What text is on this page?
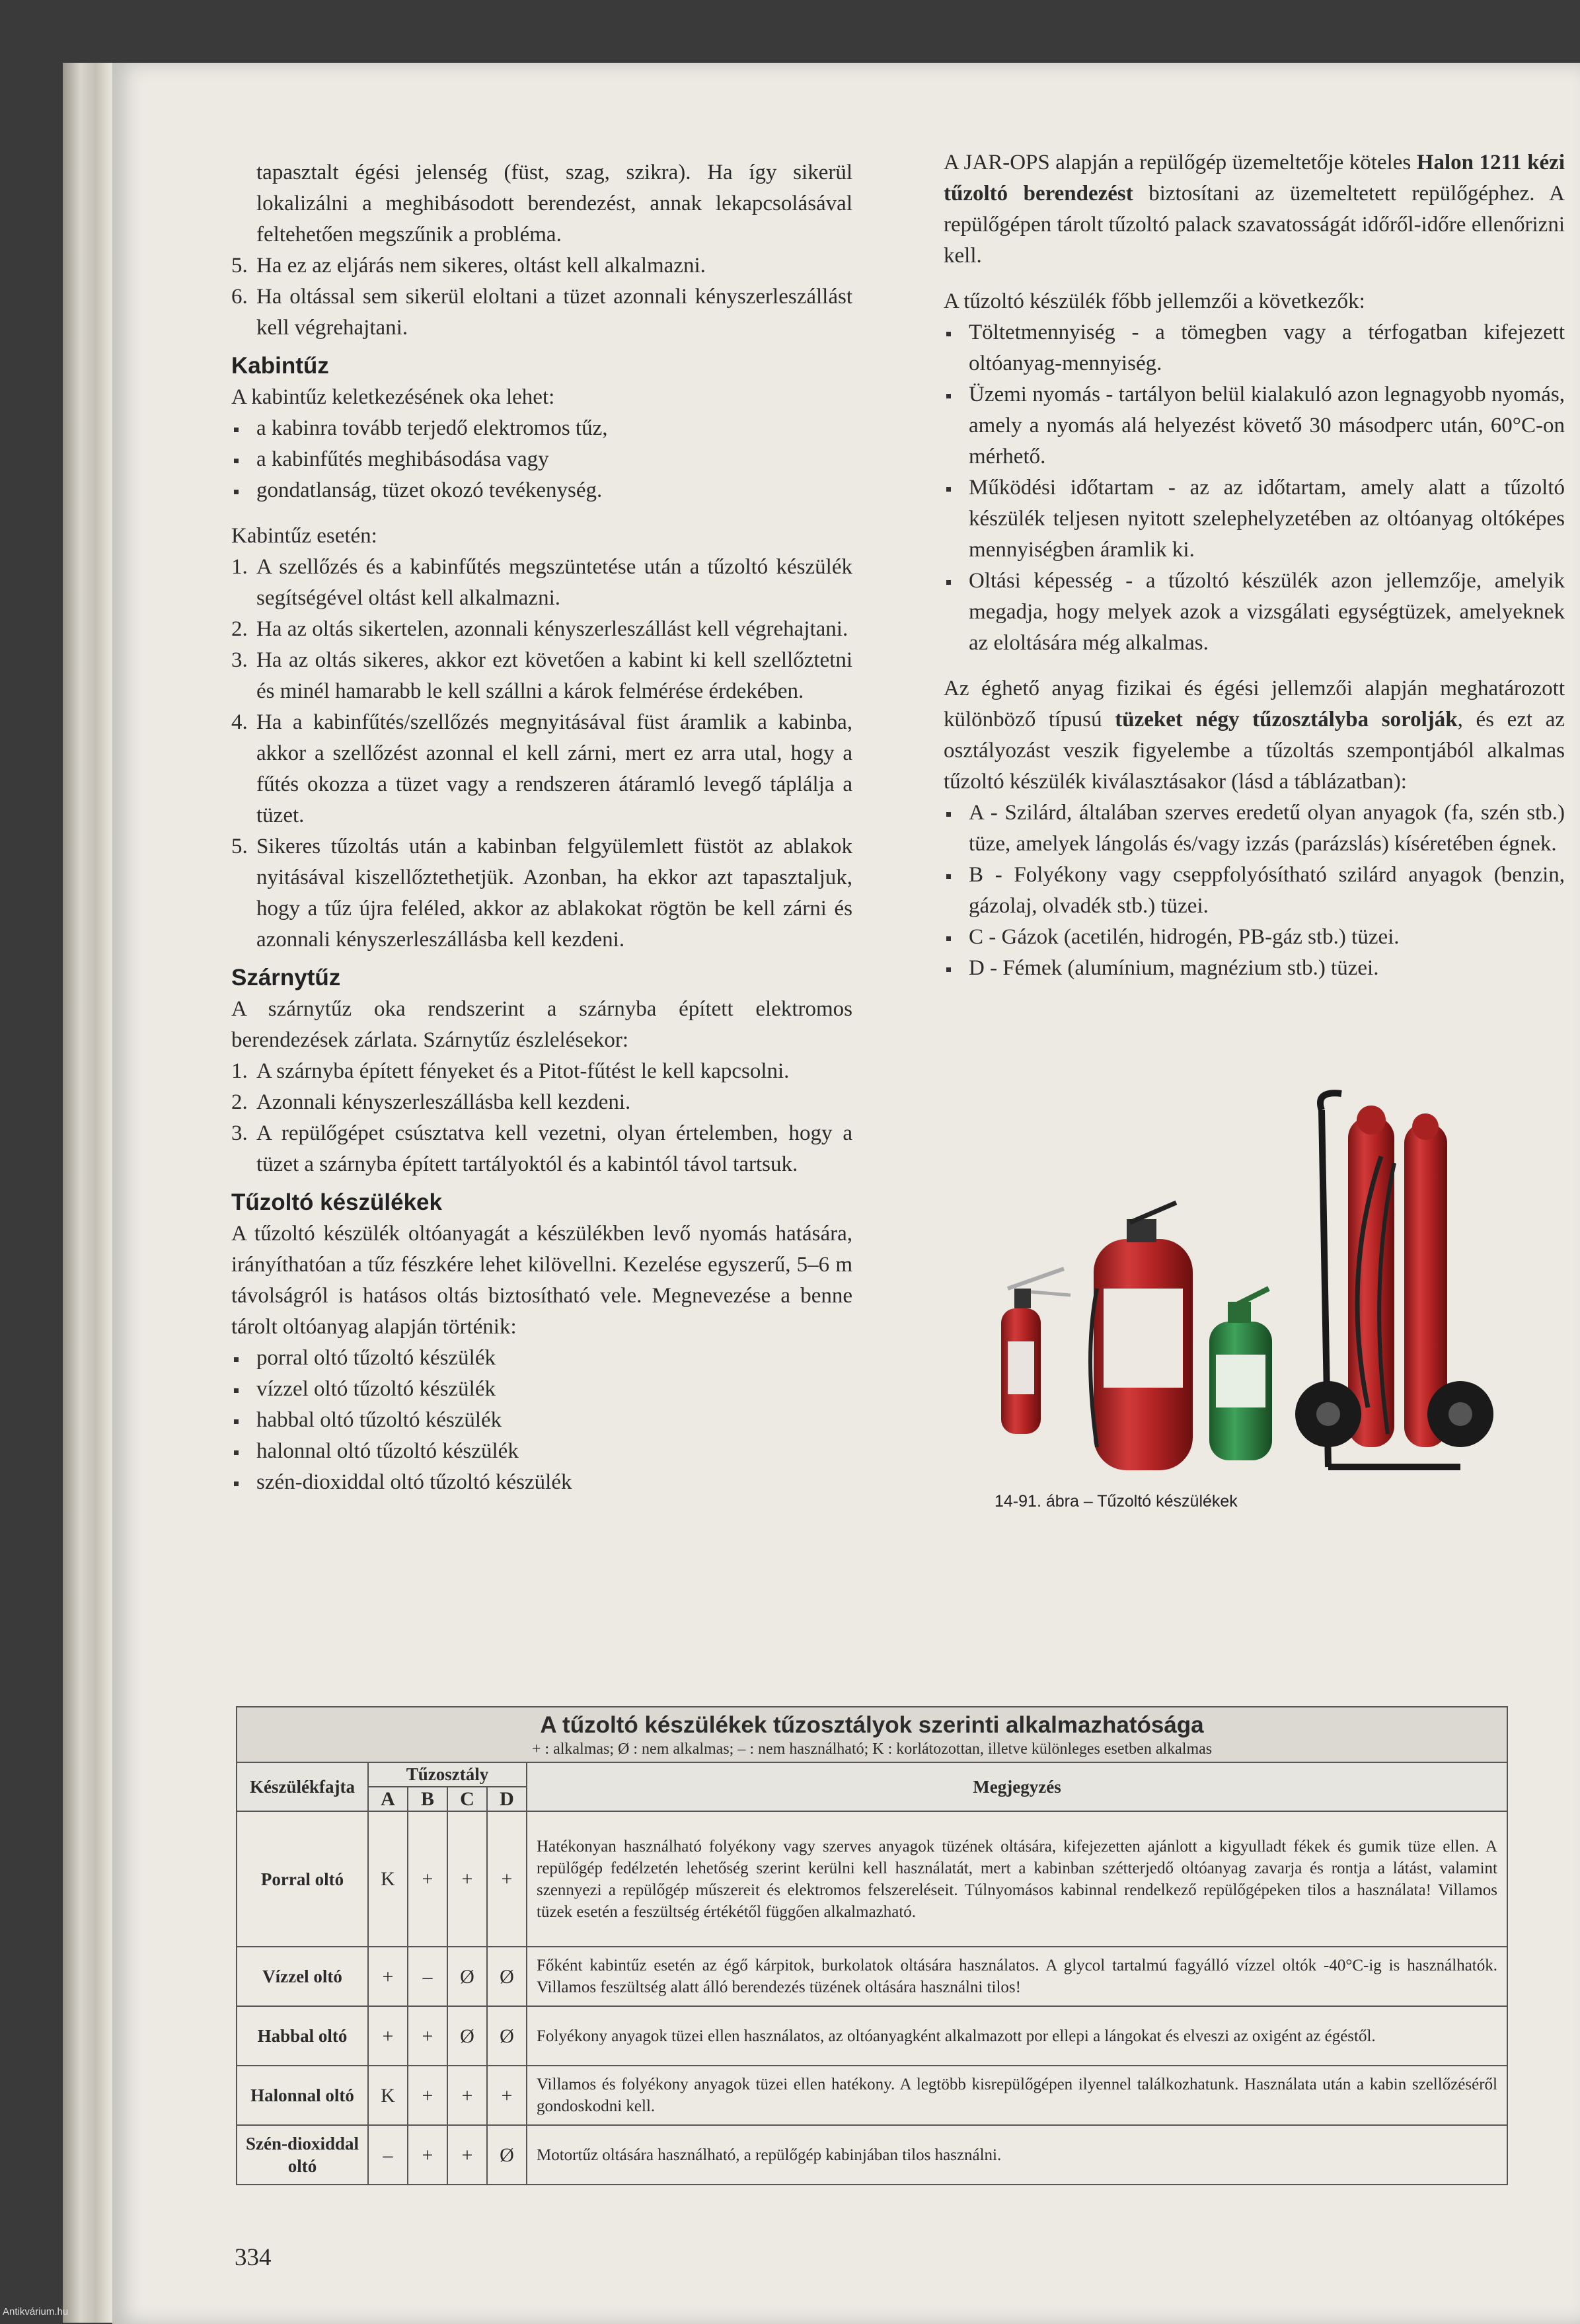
tapasztalt égési jelenség (füst, szag, szikra). Ha így sikerül lokalizálni a meghibásodott berendezést, annak lekapcsolásával feltehetően megszűnik a probléma.

5. Ha ez az eljárás nem sikeres, oltást kell alkalmazni.
6. Ha oltással sem sikerül eloltani a tüzet azonnali kényszerleszállást kell végrehajtani.
Kabintűz

A kabintűz keletkezésének oka lehet:

a kabinra tovább terjedő elektromos tűz,
a kabinfűtés meghibásodása vagy
gondatlanság, tüzet okozó tevékenység.

Kabintűz esetén:

1. A szellőzés és a kabinfűtés megszüntetése után a tűzoltó készülék segítségével oltást kell alkalmazni.
2. Ha az oltás sikertelen, azonnali kényszerleszállást kell végrehajtani.
3. Ha az oltás sikeres, akkor ezt követően a kabint ki kell szellőztetni és minél hamarabb le kell szállni a károk felmérése érdekében.
4. Ha a kabinfűtés/szellőzés megnyitásával füst áramlik a kabinba, akkor a szellőzést azonnal el kell zárni, mert ez arra utal, hogy a fűtés okozza a tüzet vagy a rendszeren átáramló levegő táplálja a tüzet.
5. Sikeres tűzoltás után a kabinban felgyülemlett füstöt az ablakok nyitásával kiszellőztethetjük. Azonban, ha ekkor azt tapasztaljuk, hogy a tűz újra feléled, akkor az ablakokat rögtön be kell zárni és azonnali kényszerleszállásba kell kezdeni.
Szárnytűz

A szárnytűz oka rendszerint a szárnyba épített elektromos berendezések zárlata. Szárnytűz észlelésekor:

1. A szárnyba épített fényeket és a Pitot-fűtést le kell kapcsolni.
2. Azonnali kényszerleszállásba kell kezdeni.
3. A repülőgépet csúsztatva kell vezetni, olyan értelemben, hogy a tüzet a szárnyba épített tartályoktól és a kabintól távol tartsuk.
Tűzoltó készülékek

A tűzoltó készülék oltóanyagát a készülékben levő nyomás hatására, irányíthatóan a tűz fészkére lehet kilövellni. Kezelése egyszerű, 5–6 m távolságról is hatásos oltás biztosítható vele. Megnevezése a benne tárolt oltóanyag alapján történik:

porral oltó tűzoltó készülék
vízzel oltó tűzoltó készülék
habbal oltó tűzoltó készülék
halonnal oltó tűzoltó készülék
szén-dioxiddal oltó tűzoltó készülék

A JAR-OPS alapján a repülőgép üzemeltetője köteles Halon 1211 kézi tűzoltó berendezést biztosítani az üzemeltetett repülőgéphez. A repülőgépen tárolt tűzoltó palack szavatosságát időről-időre ellenőrizni kell.

A tűzoltó készülék főbb jellemzői a következők:

Töltetmennyiség - a tömegben vagy a térfogatban kifejezett oltóanyag-mennyiség.
Üzemi nyomás - tartályon belül kialakuló azon legnagyobb nyomás, amely a nyomás alá helyezést követő 30 másodperc után, 60°C-on mérhető.
Működési időtartam - az az időtartam, amely alatt a tűzoltó készülék teljesen nyitott szelephelyzetében az oltóanyag oltóképes mennyiségben áramlik ki.
Oltási képesség - a tűzoltó készülék azon jellemzője, amelyik megadja, hogy melyek azok a vizsgálati egységtüzek, amelyeknek az eloltására még alkalmas.

Az éghető anyag fizikai és égési jellemzői alapján meghatározott különböző típusú tüzeket négy tűzosztályba sorolják, és ezt az osztályozást veszik figyelembe a tűzoltás szempontjából alkalmas tűzoltó készülék kiválasztásakor (lásd a táblázatban):

A - Szilárd, általában szerves eredetű olyan anyagok (fa, szén stb.) tüze, amelyek lángolás és/vagy izzás (parázslás) kíséretében égnek.
B - Folyékony vagy cseppfolyósítható szilárd anyagok (benzin, gázolaj, olvadék stb.) tüzei.
C - Gázok (acetilén, hidrogén, PB-gáz stb.) tüzei.
D - Fémek (alumínium, magnézium stb.) tüzei.
14-91. ábra – Tűzoltó készülékek
A tűzoltó készülékek tűzosztályok szerinti alkalmazhatósága
+ : alkalmas; Ø : nem alkalmas; – : nem használható; K : korlátozottan, illetve különleges esetben alkalmas					

Készülékfajta	Tűzosztály				Megjegyzés
	A	B	C	D	
Porral oltó	K	+	+	+	Hatékonyan használható folyékony vagy szerves anyagok tüzének oltására, kifejezetten ajánlott a kigyulladt fékek és gumik tüze ellen. A repülőgép fedélzetén lehetőség szerint kerülni kell használatát, mert a kabinban szétterjedő oltóanyag zavarja és rontja a látást, valamint szennyezi a repülőgép műszereit és elektromos felszereléseit. Túlnyomásos kabinnal rendelkező repülőgépeken tilos a használata! Villamos tüzek esetén a feszültség értékétől függően alkalmazható.
Vízzel oltó	+	–	Ø	Ø	Főként kabintűz esetén az égő kárpitok, burkolatok oltására használatos. A glycol tartalmú fagyálló vízzel oltók -40°C-ig is használhatók. Villamos feszültség alatt álló berendezés tüzének oltására használni tilos!
Habbal oltó	+	+	Ø	Ø	Folyékony anyagok tüzei ellen használatos, az oltóanyagként alkalmazott por ellepi a lángokat és elveszi az oxigént az égéstől.
Halonnal oltó	K	+	+	+	Villamos és folyékony anyagok tüzei ellen hatékony. A legtöbb kisrepülőgépen ilyennel találkozhatunk. Használata után a kabin szellőzéséről gondoskodni kell.
Szén-dioxiddal oltó	–	+	+	Ø	Motortűz oltására használható, a repülőgép kabinjában tilos használni.
334
Antikvárium.hu
